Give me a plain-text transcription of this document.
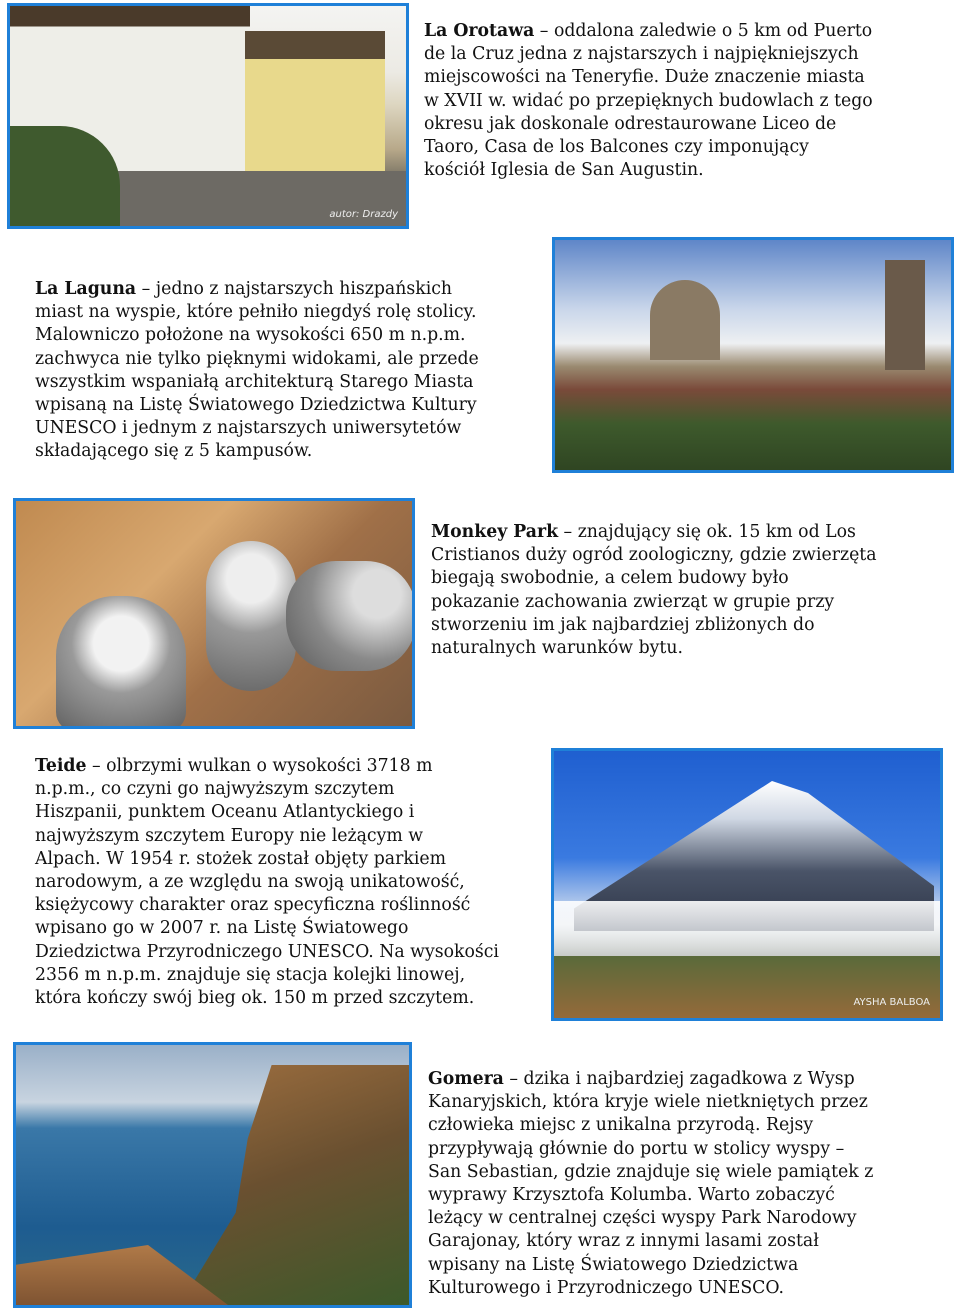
autor: Drazdy
La Orotawa – oddalona zaledwie o 5 km od Puerto
de la Cruz jedna z najstarszych i najpiękniejszych
miejscowości na Teneryfie. Duże znaczenie miasta
w XVII w. widać po przepięknych budowlach z tego
okresu jak doskonale odrestaurowane Liceo de
Taoro, Casa de los Balcones czy imponujący
kościół Iglesia de San Augustin.
La Laguna – jedno z najstarszych hiszpańskich
miast na wyspie, które pełniło niegdyś rolę stolicy.
Malowniczo położone na wysokości 650 m n.p.m.
zachwyca nie tylko pięknymi widokami, ale przede
wszystkim wspaniałą architekturą Starego Miasta
wpisaną na Listę Światowego Dziedzictwa Kultury
UNESCO i jednym z najstarszych uniwersytetów
składającego się z 5 kampusów.
Monkey Park – znajdujący się ok. 15 km od Los
Cristianos duży ogród zoologiczny, gdzie zwierzęta
biegają swobodnie, a celem budowy było
pokazanie zachowania zwierząt w grupie przy
stworzeniu im jak najbardziej zbliżonych do
naturalnych warunków bytu.
Teide – olbrzymi wulkan o wysokości 3718 m
n.p.m., co czyni go najwyższym szczytem
Hiszpanii, punktem Oceanu Atlantyckiego i
najwyższym szczytem Europy nie leżącym w
Alpach. W 1954 r. stożek został objęty parkiem
narodowym, a ze względu na swoją unikatowość,
księżycowy charakter oraz specyficzna roślinność
wpisano go w 2007 r. na Listę Światowego
Dziedzictwa Przyrodniczego UNESCO. Na wysokości
2356 m n.p.m. znajduje się stacja kolejki linowej,
która kończy swój bieg ok. 150 m przed szczytem.	AYSHA BALBOA
Gomera – dzika i najbardziej zagadkowa z Wysp
Kanaryjskich, która kryje wiele nietkniętych przez
człowieka miejsc z unikalna przyrodą. Rejsy
przypływają głównie do portu w stolicy wyspy –
San Sebastian, gdzie znajduje się wiele pamiątek z
wyprawy Krzysztofa Kolumba. Warto zobaczyć
leżący w centralnej części wyspy Park Narodowy
Garajonay, który wraz z innymi lasami został
wpisany na Listę Światowego Dziedzictwa
Kulturowego i Przyrodniczego UNESCO.
